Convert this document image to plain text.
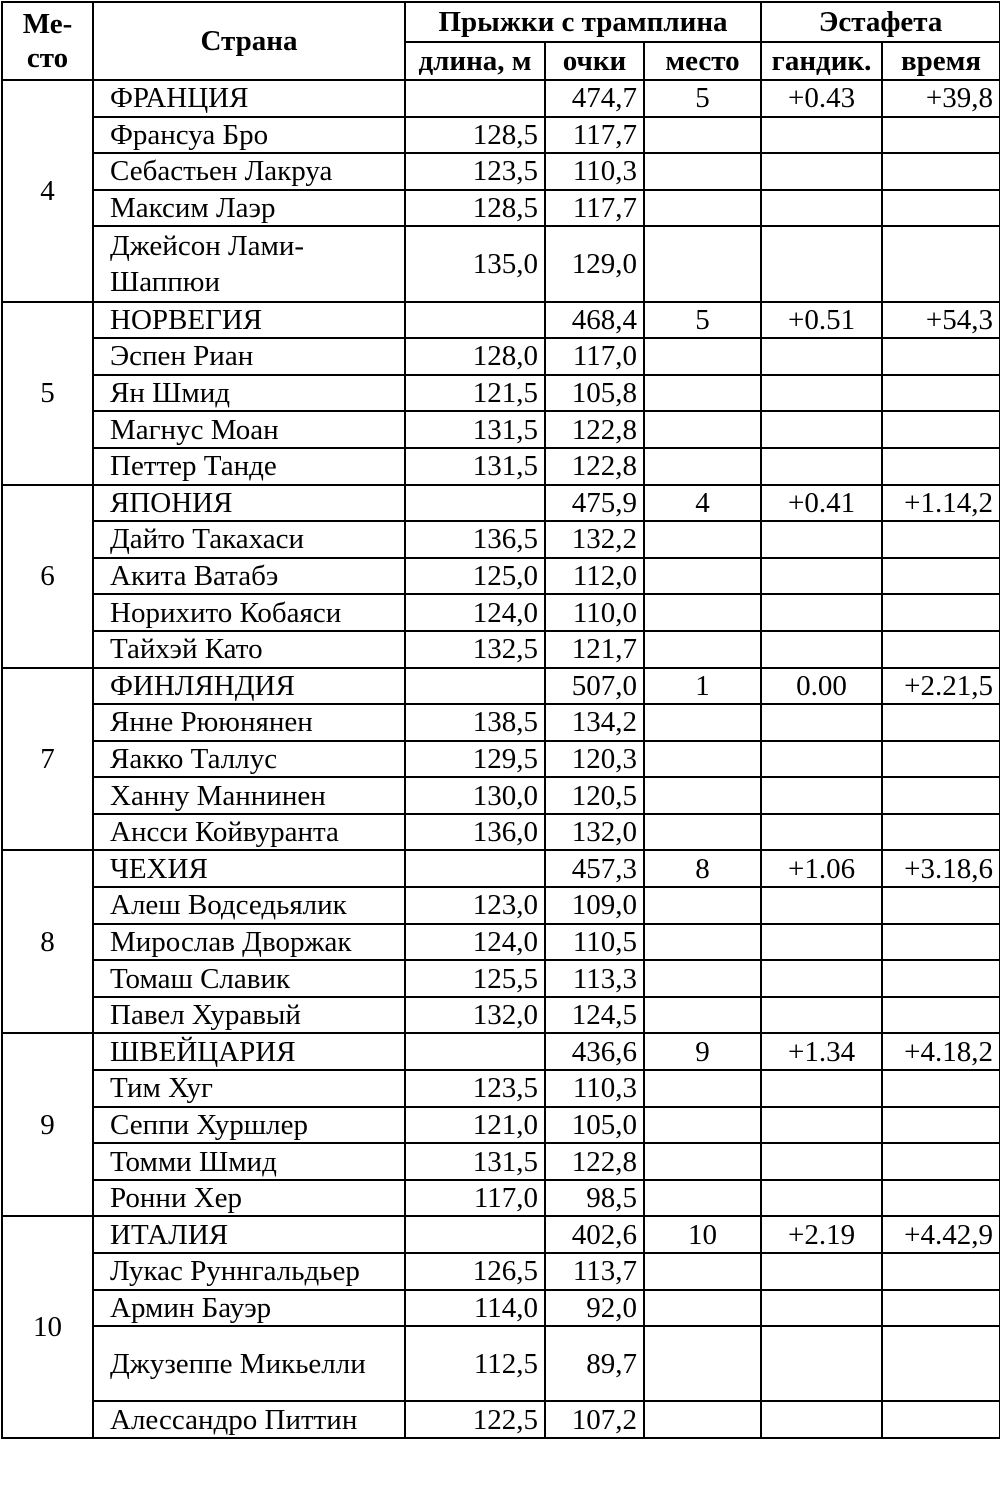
Ме-
сто	Страна	Прыжки с трамплина			Эстафета	
		длина, м	очки	место	гандик.	время
4	ФРАНЦИЯ		474,7	5	+0.43	+39,8
	Франсуа Бро	128,5	117,7			
	Себастьен Лакруа	123,5	110,3			
	Максим Лаэр	128,5	117,7			
	Джейсон Лами-Шаппюи	135,0	129,0			
5	НОРВЕГИЯ		468,4	5	+0.51	+54,3
	Эспен Риан	128,0	117,0			
	Ян Шмид	121,5	105,8			
	Магнус Моан	131,5	122,8			
	Петтер Танде	131,5	122,8			
6	ЯПОНИЯ		475,9	4	+0.41	+1.14,2
	Дайто Такахаси	136,5	132,2			
	Акита Ватабэ	125,0	112,0			
	Норихито Кобаяси	124,0	110,0			
	Тайхэй Като	132,5	121,7			
7	ФИНЛЯНДИЯ		507,0	1	0.00	+2.21,5
	Янне Рююнянен	138,5	134,2			
	Яакко Таллус	129,5	120,3			
	Ханну Маннинен	130,0	120,5			
	Ансси Койвуранта	136,0	132,0			
8	ЧЕХИЯ		457,3	8	+1.06	+3.18,6
	Алеш Водседьялик	123,0	109,0			
	Мирослав Дворжак	124,0	110,5			
	Томаш Славик	125,5	113,3			
	Павел Хуравый	132,0	124,5			
9	ШВЕЙЦАРИЯ		436,6	9	+1.34	+4.18,2
	Тим Хуг	123,5	110,3			
	Сеппи Хуршлер	121,0	105,0			
	Томми Шмид	131,5	122,8			
	Ронни Хер	117,0	98,5			
10	ИТАЛИЯ		402,6	10	+2.19	+4.42,9
	Лукас Руннгальдьер	126,5	113,7			
	Армин Бауэр	114,0	92,0			
	Джузеппе Микьелли	112,5	89,7			
	Алессандро Питтин	122,5	107,2			
